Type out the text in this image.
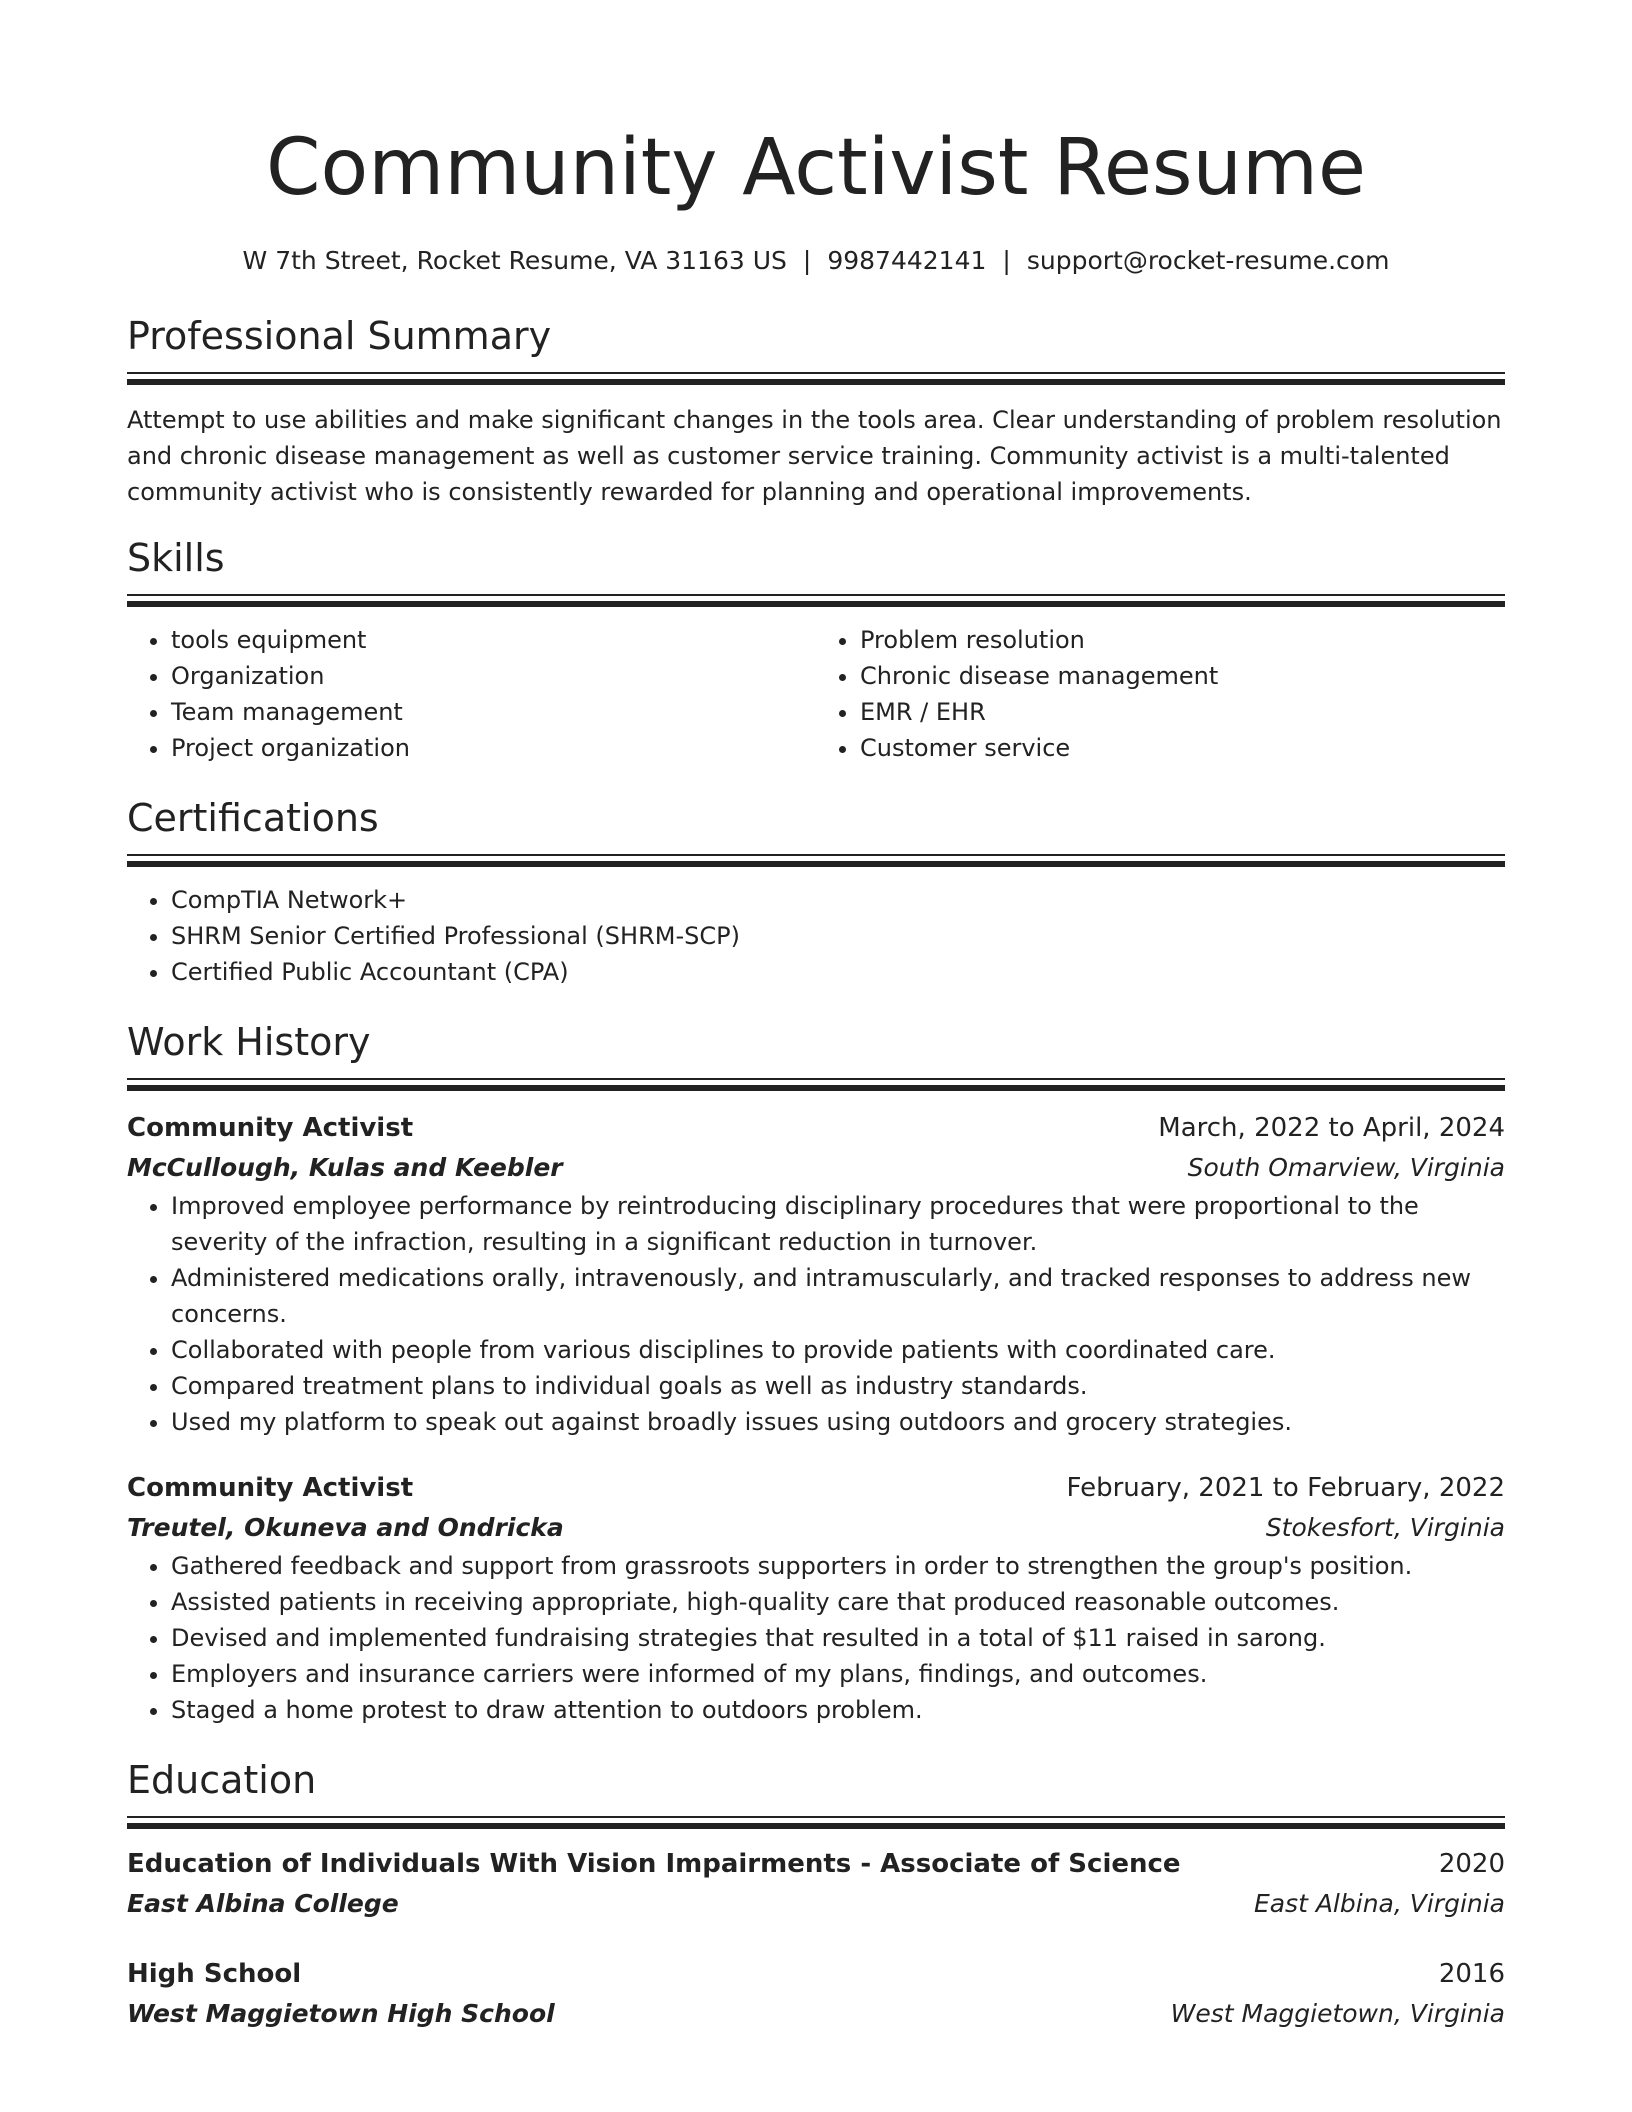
Community Activist Resume
W 7th Street, Rocket Resume, VA 31163 US | 9987442141 | support@rocket-resume.com
Professional Summary
Attempt to use abilities and make significant changes in the tools area. Clear understanding of problem resolution and chronic disease management as well as customer service training. Community activist is a multi-talented community activist who is consistently rewarded for planning and operational improvements.
Skills
• tools equipment
• Organization
• Team management
• Project organization
• Problem resolution
• Chronic disease management
• EMR / EHR
• Customer service
Certifications
• CompTIA Network+
• SHRM Senior Certified Professional (SHRM-SCP)
• Certified Public Accountant (CPA)
Work History
Community Activist	March, 2022 to April, 2024
McCullough, Kulas and Keebler	South Omarview, Virginia
• Improved employee performance by reintroducing disciplinary procedures that were proportional to the severity of the infraction, resulting in a significant reduction in turnover.
• Administered medications orally, intravenously, and intramuscularly, and tracked responses to address new concerns.
• Collaborated with people from various disciplines to provide patients with coordinated care.
• Compared treatment plans to individual goals as well as industry standards.
• Used my platform to speak out against broadly issues using outdoors and grocery strategies.
Community Activist	February, 2021 to February, 2022
Treutel, Okuneva and Ondricka	Stokesfort, Virginia
• Gathered feedback and support from grassroots supporters in order to strengthen the group's position.
• Assisted patients in receiving appropriate, high-quality care that produced reasonable outcomes.
• Devised and implemented fundraising strategies that resulted in a total of $11 raised in sarong.
• Employers and insurance carriers were informed of my plans, findings, and outcomes.
• Staged a home protest to draw attention to outdoors problem.
Education
Education of Individuals With Vision Impairments - Associate of Science	2020
East Albina College	East Albina, Virginia
High School	2016
West Maggietown High School	West Maggietown, Virginia
